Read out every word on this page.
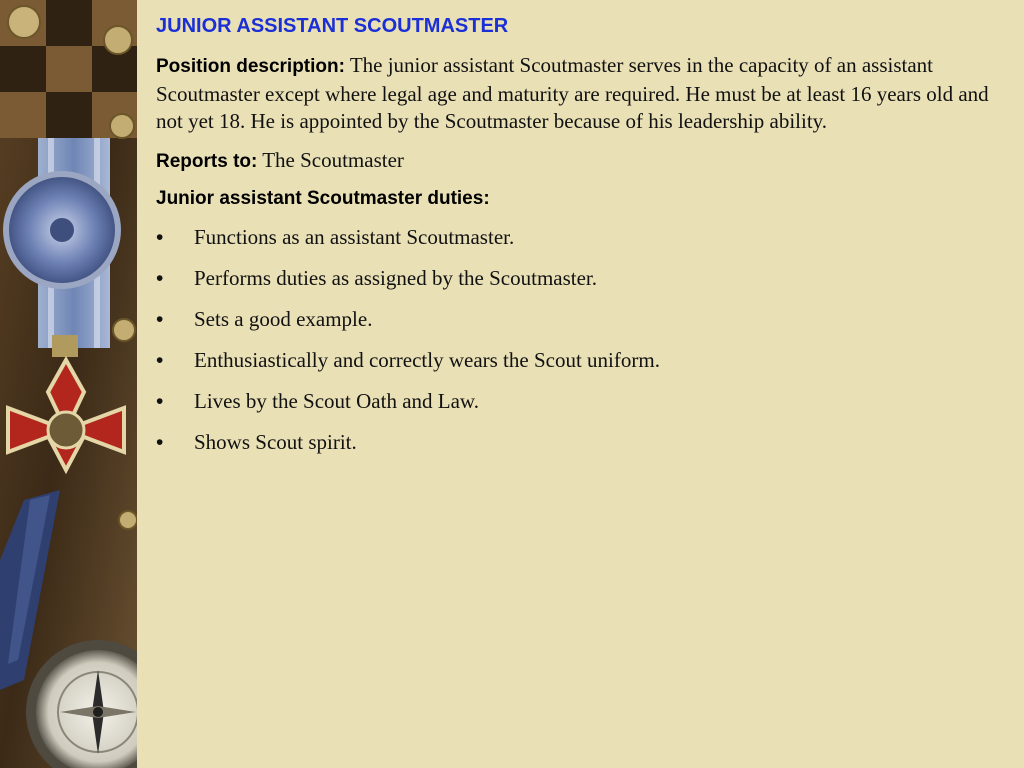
JUNIOR ASSISTANT SCOUTMASTER

Position description: The junior assistant Scoutmaster serves in the capacity of an assistant Scoutmaster except where legal age and maturity are required. He must be at least 16 years old and not yet 18. He is appointed by the Scoutmaster because of his leadership ability.

Reports to: The Scoutmaster

Junior assistant Scoutmaster duties:
•	Functions as an assistant Scoutmaster.
•	Performs duties as assigned by the Scoutmaster.
•	Sets a good example.
•	Enthusiastically and correctly wears the Scout uniform.
•	Lives by the Scout Oath and Law.
•	Shows Scout spirit.
